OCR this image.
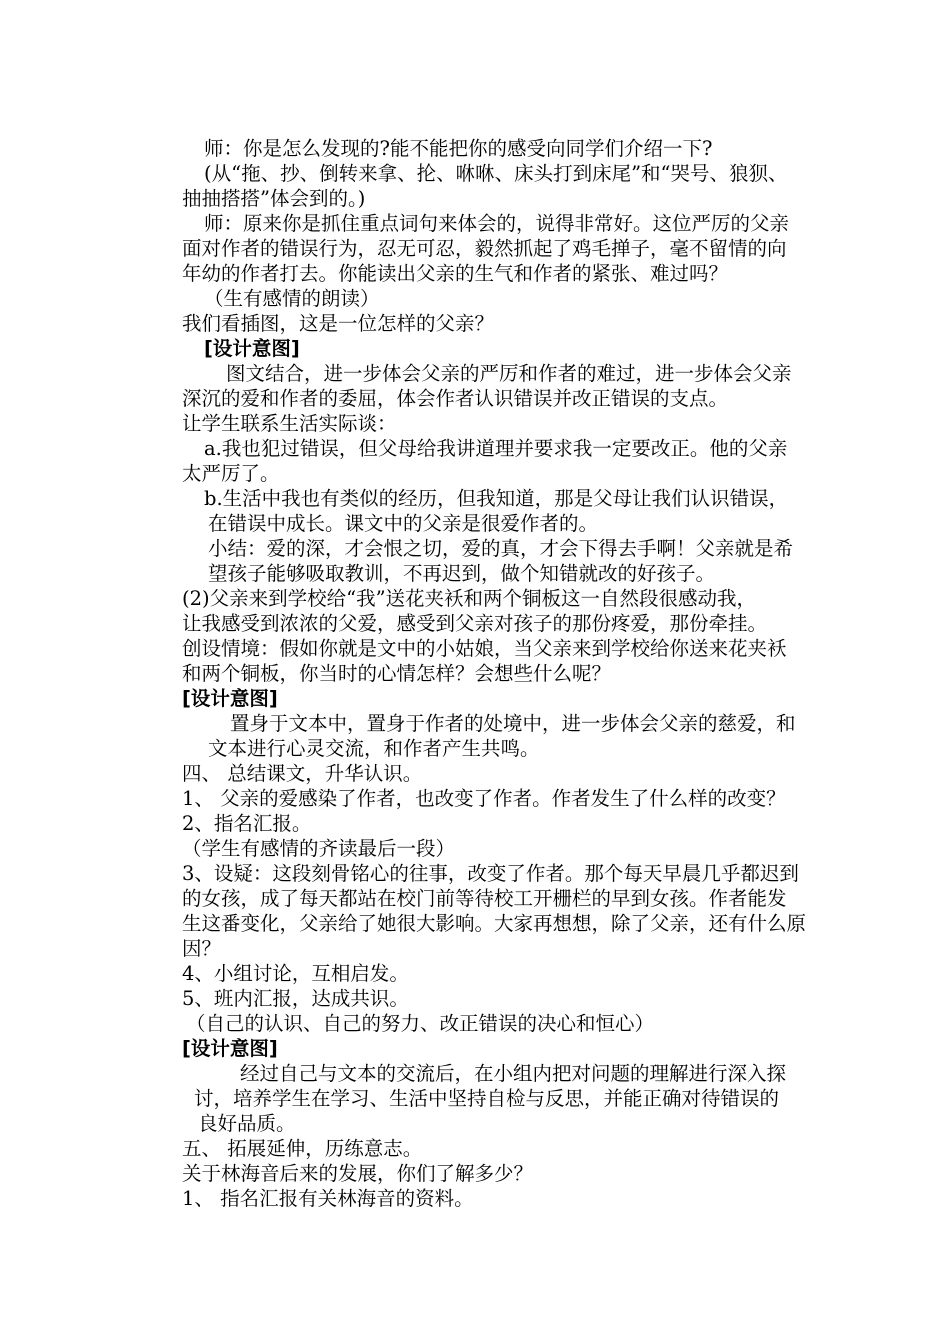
师：你是怎么发现的?能不能把你的感受向同学们介绍一下?
(从“拖、抄、倒转来拿、抡、咻咻、床头打到床尾”和“哭号、狼狈、
抽抽搭搭”体会到的。)
师：原来你是抓住重点词句来体会的，说得非常好。这位严厉的父亲
面对作者的错误行为，忍无可忍，毅然抓起了鸡毛掸子，毫不留情的向
年幼的作者打去。你能读出父亲的生气和作者的紧张、难过吗？
（生有感情的朗读）
我们看插图，这是一位怎样的父亲？
[设计意图]
图文结合，进一步体会父亲的严厉和作者的难过，进一步体会父亲
深沉的爱和作者的委屈，体会作者认识错误并改正错误的支点。
让学生联系生活实际谈：
a.我也犯过错误，但父母给我讲道理并要求我一定要改正。他的父亲
太严厉了。
b.生活中我也有类似的经历，但我知道，那是父母让我们认识错误，
在错误中成长。课文中的父亲是很爱作者的。
小结：爱的深，才会恨之切，爱的真，才会下得去手啊！父亲就是希
望孩子能够吸取教训，不再迟到，做个知错就改的好孩子。
(2)父亲来到学校给“我”送花夹袄和两个铜板这一自然段很感动我，
让我感受到浓浓的父爱，感受到父亲对孩子的那份疼爱，那份牵挂。
创设情境：假如你就是文中的小姑娘，当父亲来到学校给你送来花夹袄
和两个铜板，你当时的心情怎样？会想些什么呢？
[设计意图]
置身于文本中，置身于作者的处境中，进一步体会父亲的慈爱，和
文本进行心灵交流，和作者产生共鸣。
四、 总结课文，升华认识。
1、 父亲的爱感染了作者，也改变了作者。作者发生了什么样的改变？
2、指名汇报。
（学生有感情的齐读最后一段）
3、设疑：这段刻骨铭心的往事，改变了作者。那个每天早晨几乎都迟到
的女孩，成了每天都站在校门前等待校工开栅栏的早到女孩。作者能发
生这番变化，父亲给了她很大影响。大家再想想，除了父亲，还有什么原
因？
4、小组讨论，互相启发。
5、班内汇报，达成共识。
（自己的认识、自己的努力、改正错误的决心和恒心）
[设计意图]
经过自己与文本的交流后，在小组内把对问题的理解进行深入探
讨，培养学生在学习、生活中坚持自检与反思，并能正确对待错误的
良好品质。
五、 拓展延伸，历练意志。
关于林海音后来的发展，你们了解多少？
1、 指名汇报有关林海音的资料。
